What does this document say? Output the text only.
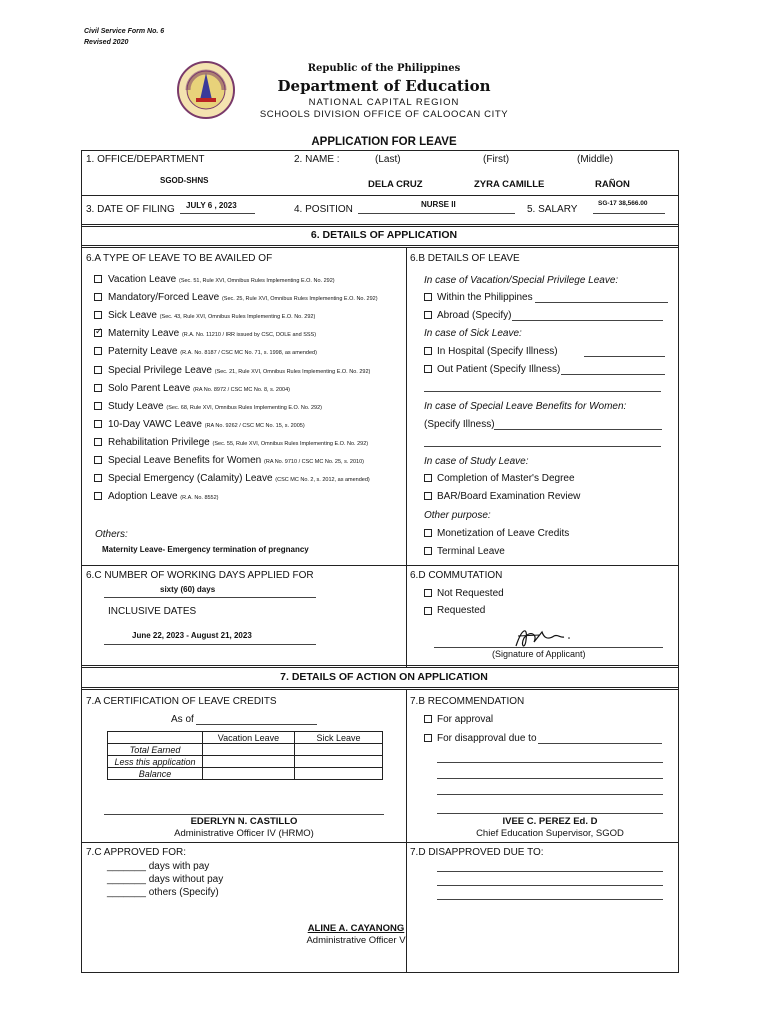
Civil Service Form No. 6
Revised 2020
Republic of the Philippines
Department of Education
NATIONAL CAPITAL REGION
SCHOOLS DIVISION OFFICE OF CALOOCAN CITY
APPLICATION FOR LEAVE
1. OFFICE/DEPARTMENT
SGOD-SHNS
2. NAME :	(Last)	(First)	(Middle)
DELA CRUZ	ZYRA CAMILLE	RAÑON
3. DATE OF FILING JULY 6 , 2023	4. POSITION	NURSE II	5. SALARY
SG-17 38,566.00
6. DETAILS OF APPLICATION
6.A TYPE OF LEAVE TO BE AVAILED OF
Vacation Leave (Sec. 51, Rule XVI, Omnibus Rules Implementing E.O. No. 292)
Mandatory/Forced Leave (Sec. 25, Rule XVI, Omnibus Rules Implementing E.O. No. 292)
Sick Leave (Sec. 43, Rule XVI, Omnibus Rules Implementing E.O. No. 292)
✓
Maternity Leave (R.A. No. 11210 / IRR issued by CSC, DOLE and SSS)
Paternity Leave (R.A. No. 8187 / CSC MC No. 71, s. 1998, as amended)
Special Privilege Leave (Sec. 21, Rule XVI, Omnibus Rules Implementing E.O. No. 292)
Solo Parent Leave (RA No. 8972 / CSC MC No. 8, s. 2004)
Study Leave (Sec. 68, Rule XVI, Omnibus Rules Implementing E.O. No. 292)
10-Day VAWC Leave (RA No. 9262 / CSC MC No. 15, s. 2005)
Rehabilitation Privilege (Sec. 55, Rule XVI, Omnibus Rules Implementing E.O. No. 292)
Special Leave Benefits for Women (RA No. 9710 / CSC MC No. 25, s. 2010)
Special Emergency (Calamity) Leave (CSC MC No. 2, s. 2012, as amended)
Adoption Leave (R.A. No. 8552)
Others:
Maternity Leave- Emergency termination of pregnancy
6.B DETAILS OF LEAVE
In case of Vacation/Special Privilege Leave:
Within the Philippines
Abroad (Specify)
In case of Sick Leave:
In Hospital (Specify Illness)
Out Patient (Specify Illness)
In case of Special Leave Benefits for Women:
(Specify Illness)
In case of Study Leave:
Completion of Master's Degree
BAR/Board Examination Review
Other purpose:
Monetization of Leave Credits
Terminal Leave
6.C NUMBER OF WORKING DAYS APPLIED FOR
sixty (60) days
INCLUSIVE DATES
June 22, 2023 - August 21, 2023
6.D COMMUTATION
Not Requested
Requested
(Signature of Applicant)
7. DETAILS OF ACTION ON APPLICATION
7.A CERTIFICATION OF LEAVE CREDITS
As of
	Vacation Leave	Sick Leave
Total Earned		
Less this application		
Balance		
EDERLYN N. CASTILLO
Administrative Officer IV (HRMO)
7.B RECOMMENDATION
For approval
For disapproval due to
IVEE C. PEREZ Ed. D
Chief Education Supervisor, SGOD
7.C APPROVED FOR:
_______ days with pay
_______ days without pay
_______ others (Specify)
7.D DISAPPROVED DUE TO:
ALINE A. CAYANONG
Administrative Officer V
